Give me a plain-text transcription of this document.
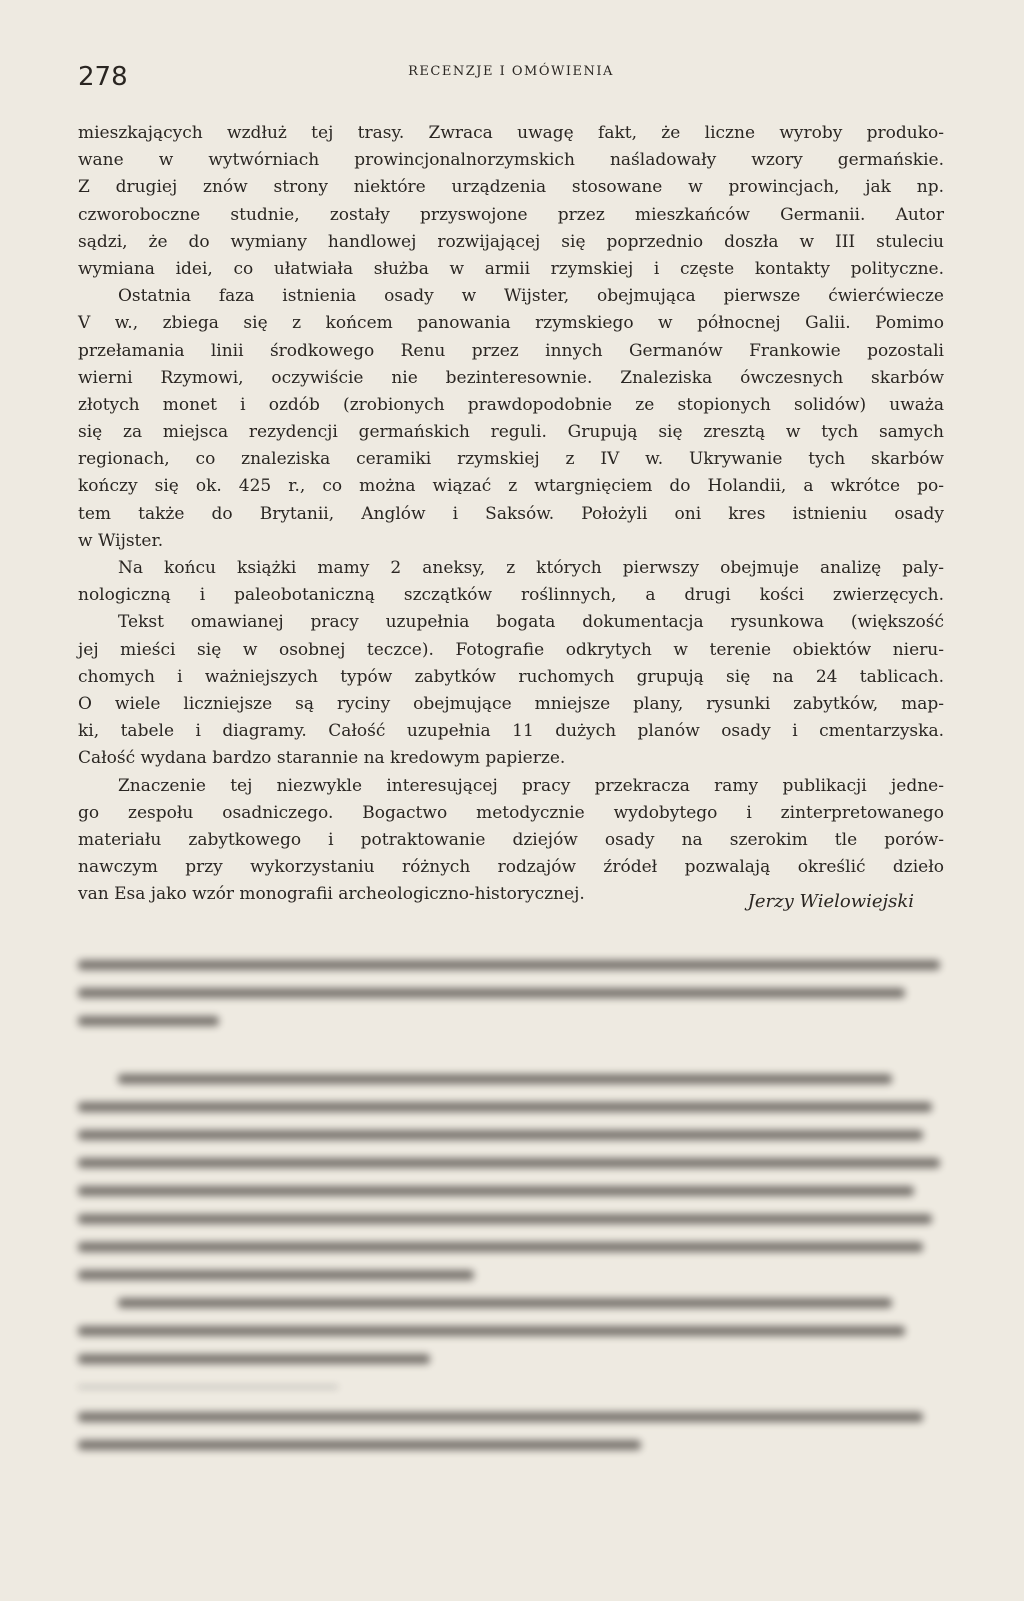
278	RECENZJE I OMÓWIENIA
mieszkających wzdłuż tej trasy. Zwraca uwagę fakt, że liczne wyroby produko-
wane w wytwórniach prowincjonalnorzymskich naśladowały wzory germańskie.
Z drugiej znów strony niektóre urządzenia stosowane w prowincjach, jak np.
czworoboczne studnie, zostały przyswojone przez mieszkańców Germanii. Autor
sądzi, że do wymiany handlowej rozwijającej się poprzednio doszła w III stuleciu
wymiana idei, co ułatwiała służba w armii rzymskiej i częste kontakty polityczne.
Ostatnia faza istnienia osady w Wijster, obejmująca pierwsze ćwierćwiecze
V w., zbiega się z końcem panowania rzymskiego w północnej Galii. Pomimo
przełamania linii środkowego Renu przez innych Germanów Frankowie pozostali
wierni Rzymowi, oczywiście nie bezinteresownie. Znaleziska ówczesnych skarbów
złotych monet i ozdób (zrobionych prawdopodobnie ze stopionych solidów) uważa
się za miejsca rezydencji germańskich reguli. Grupują się zresztą w tych samych
regionach, co znaleziska ceramiki rzymskiej z IV w. Ukrywanie tych skarbów
kończy się ok. 425 r., co można wiązać z wtargnięciem do Holandii, a wkrótce po-
tem także do Brytanii, Anglów i Saksów. Położyli oni kres istnieniu osady
w Wijster.
Na końcu książki mamy 2 aneksy, z których pierwszy obejmuje analizę paly-
nologiczną i paleobotaniczną szczątków roślinnych, a drugi kości zwierzęcych.
Tekst omawianej pracy uzupełnia bogata dokumentacja rysunkowa (większość
jej mieści się w osobnej teczce). Fotografie odkrytych w terenie obiektów nieru-
chomych i ważniejszych typów zabytków ruchomych grupują się na 24 tablicach.
O wiele liczniejsze są ryciny obejmujące mniejsze plany, rysunki zabytków, map-
ki, tabele i diagramy. Całość uzupełnia 11 dużych planów osady i cmentarzyska.
Całość wydana bardzo starannie na kredowym papierze.
Znaczenie tej niezwykle interesującej pracy przekracza ramy publikacji jedne-
go zespołu osadniczego. Bogactwo metodycznie wydobytego i zinterpretowanego
materiału zabytkowego i potraktowanie dziejów osady na szerokim tle porów-
nawczym przy wykorzystaniu różnych rodzajów źródeł pozwalają określić dzieło
van Esa jako wzór monografii archeologiczno-historycznej.	Jerzy Wielowiejski
